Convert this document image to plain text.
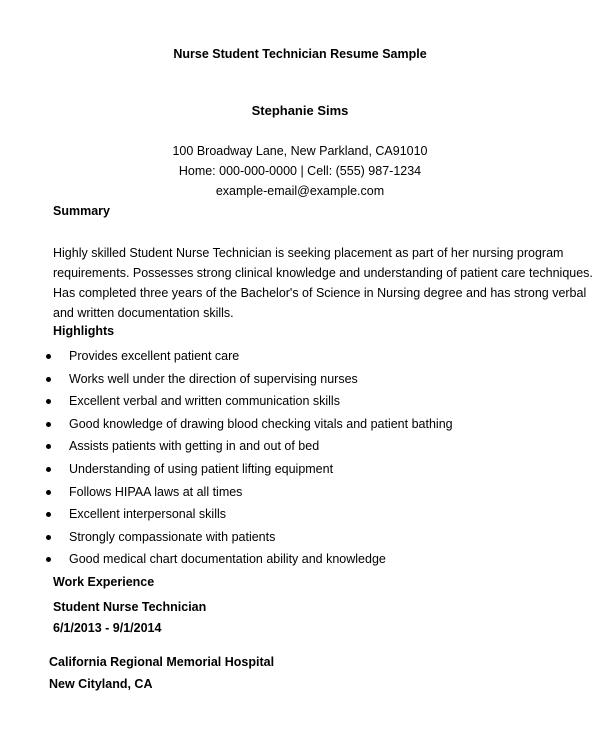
Nurse Student Technician Resume Sample
Stephanie Sims
100 Broadway Lane, New Parkland, CA91010
Home: 000-000-0000 | Cell: (555) 987-1234
example-email@example.com
Summary
Highly skilled Student Nurse Technician is seeking placement as part of her nursing program
requirements. Possesses strong clinical knowledge and understanding of patient care techniques.
Has completed three years of the Bachelor's of Science in Nursing degree and has strong verbal
and written documentation skills.
Highlights
Provides excellent patient care
Works well under the direction of supervising nurses
Excellent verbal and written communication skills
Good knowledge of drawing blood checking vitals and patient bathing
Assists patients with getting in and out of bed
Understanding of using patient lifting equipment
Follows HIPAA laws at all times
Excellent interpersonal skills
Strongly compassionate with patients
Good medical chart documentation ability and knowledge
Work Experience
Student Nurse Technician
6/1/2013 - 9/1/2014
California Regional Memorial Hospital
New Cityland, CA
